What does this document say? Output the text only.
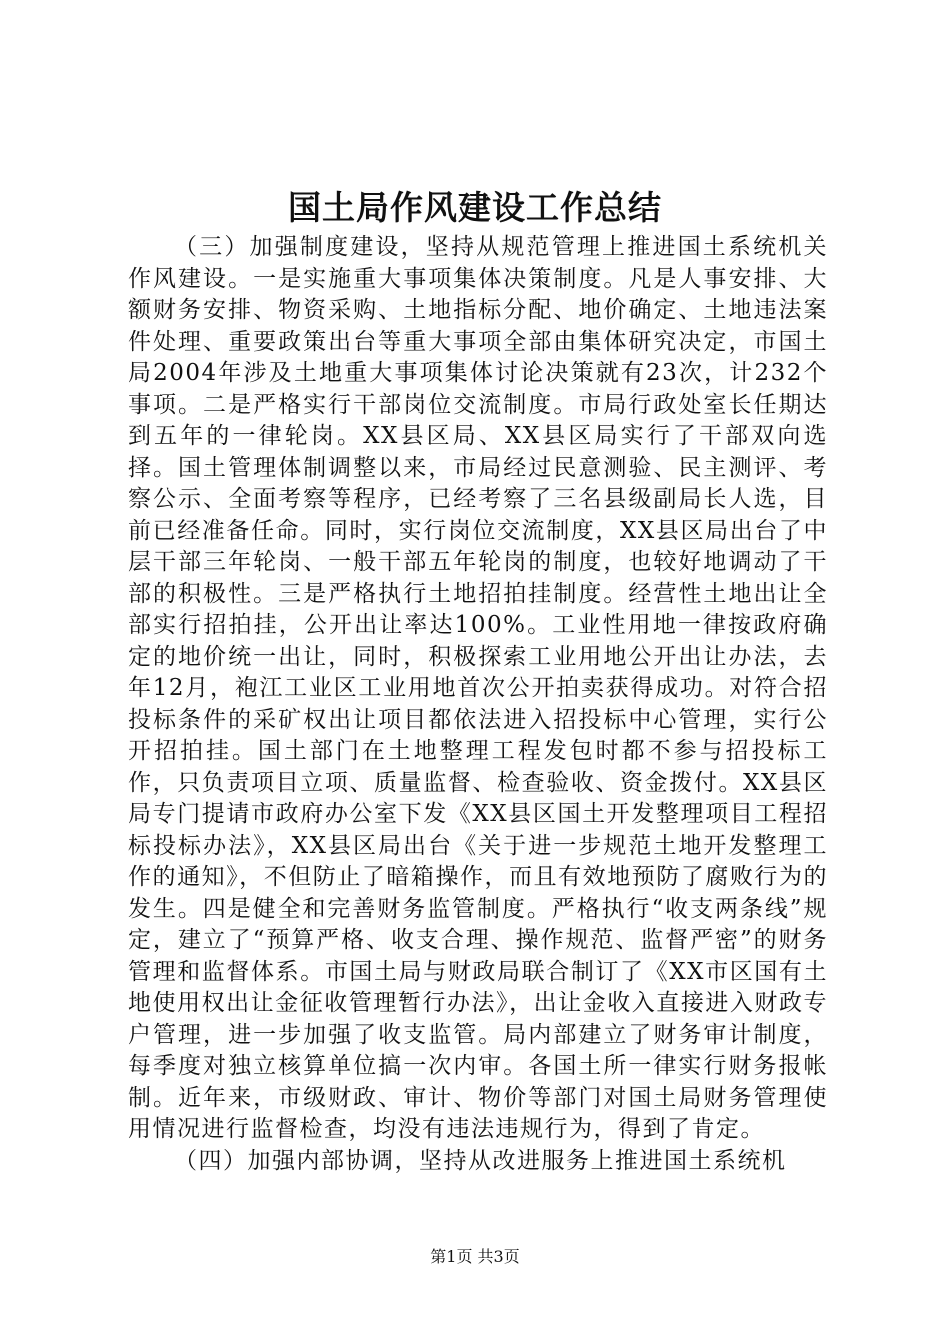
国土局作风建设工作总结

（三）加强制度建设，坚持从规范管理上推进国土系统机关作风建设。一是实施重大事项集体决策制度。凡是人事安排、大额财务安排、物资采购、土地指标分配、地价确定、土地违法案件处理、重要政策出台等重大事项全部由集体研究决定，市国土局2004年涉及土地重大事项集体讨论决策就有23次，计232个事项。二是严格实行干部岗位交流制度。市局行政处室长任期达到五年的一律轮岗。XX县区局、XX县区局实行了干部双向选择。国土管理体制调整以来，市局经过民意测验、民主测评、考察公示、全面考察等程序，已经考察了三名县级副局长人选，目前已经准备任命。同时，实行岗位交流制度，XX县区局出台了中层干部三年轮岗、一般干部五年轮岗的制度，也较好地调动了干部的积极性。三是严格执行土地招拍挂制度。经营性土地出让全部实行招拍挂，公开出让率达100%。工业性用地一律按政府确定的地价统一出让，同时，积极探索工业用地公开出让办法，去年12月，袍江工业区工业用地首次公开拍卖获得成功。对符合招投标条件的采矿权出让项目都依法进入招投标中心管理，实行公开招拍挂。国土部门在土地整理工程发包时都不参与招投标工作，只负责项目立项、质量监督、检查验收、资金拨付。XX县区局专门提请市政府办公室下发《XX县区国土开发整理项目工程招标投标办法》，XX县区局出台《关于进一步规范土地开发整理工作的通知》，不但防止了暗箱操作，而且有效地预防了腐败行为的发生。四是健全和完善财务监管制度。严格执行“收支两条线”规定，建立了“预算严格、收支合理、操作规范、监督严密”的财务管理和监督体系。市国土局与财政局联合制订了《XX市区国有土地使用权出让金征收管理暂行办法》，出让金收入直接进入财政专户管理，进一步加强了收支监管。局内部建立了财务审计制度，每季度对独立核算单位搞一次内审。各国土所一律实行财务报帐制。近年来，市级财政、审计、物价等部门对国土局财务管理使用情况进行监督检查，均没有违法违规行为，得到了肯定。

（四）加强内部协调，坚持从改进服务上推进国土系统机

第1页 共3页
